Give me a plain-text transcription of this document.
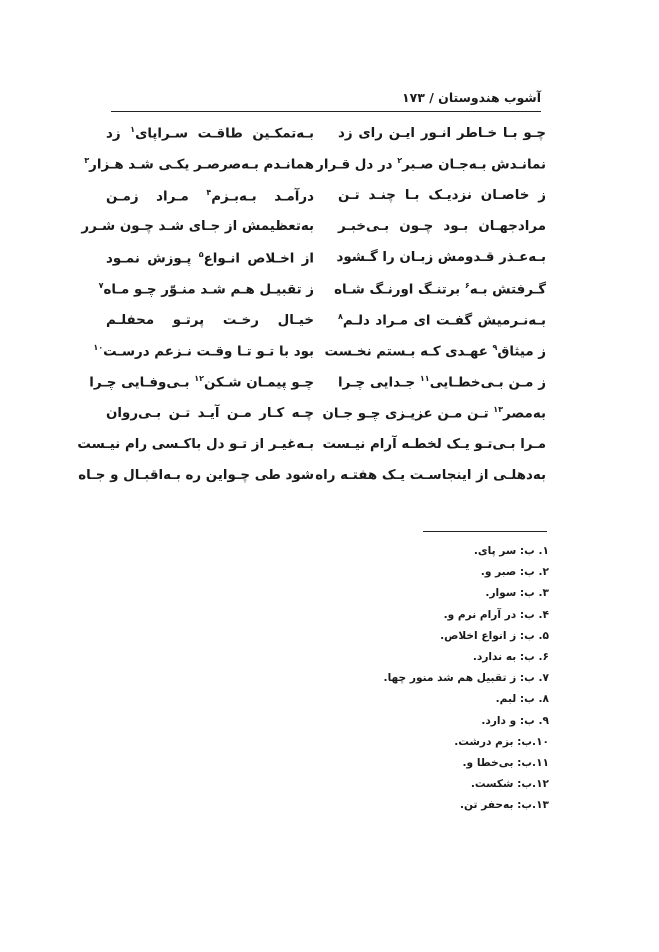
آشوب هندوستان / ۱۷۳
چـو بـا خـاطر انـور ایـن رای زد
بـه‌تمکـین طاقـت سـراپای$^۱$ زد
نمانـدش بـه‌جـان صـبر$^۲$ در دل قـرار
همانـدم بـه‌صرصـر یکـی شـد هـزار$^۳$
ز خاصـان نزدیـک بـا چنـد تـن
درآمـد بـه‌بـزم$^۴$ مـراد زمـن
مرادجهـان بـود چـون بـی‌خبـر
به‌تعظیمش از جـای شـد چـون شـرر
بـه‌عـذر قـدومش زبـان را گـشود
از اخـلاص انـواع$^۵$ پـوزش نمـود
گـرفتش بـه$^۶$ برتنـگ اورنـگ شـاه
ز تقبیـل هـم شـد منـوّر چـو مـاه$^۷$
بـه‌نـرمیش گفـت ای مـراد دلـم$^۸$
خیـال رخـت پرتـو محفلـم
ز میثاق$^۹$ عهـدی کـه بـستم نخـست
بود با تـو تـا وقـت نـزعم درسـت$^{۱۰}$
ز مـن بـی‌خطـایی$^{۱۱}$ جـدایی چـرا
چـو پیمـان شـکن$^{۱۲}$ بـی‌وفـایی چـرا
به‌مصر$^{۱۳}$ تـن مـن عزیـزی چـو جـان
چـه کـار مـن آیـد تـن بـی‌روان
مـرا بـی‌تـو یـک لخطـه آرام نیـست
بـه‌غیـر از تـو دل باکـسی رام نیـست
به‌دهلـی از اینجاسـت یـک هفتـه راه
شود طی چـواین ره بـه‌اقبـال و جـاه
۱. ب: سر پای.
۲. ب: صبر و.
۳. ب: سوار.
۴. ب: در آرام نرم و.
۵. ب: ز انواع اخلاص.
۶. ب: به ندارد.
۷. ب: ز تقبیل هم شد منور چها.
۸. ب: لبم.
۹. ب: و دارد.
۱۰.ب: بزم درشت.
۱۱.ب: بی‌خطا و.
۱۲.ب: شکست.
۱۳.ب: به‌حفر تن.
